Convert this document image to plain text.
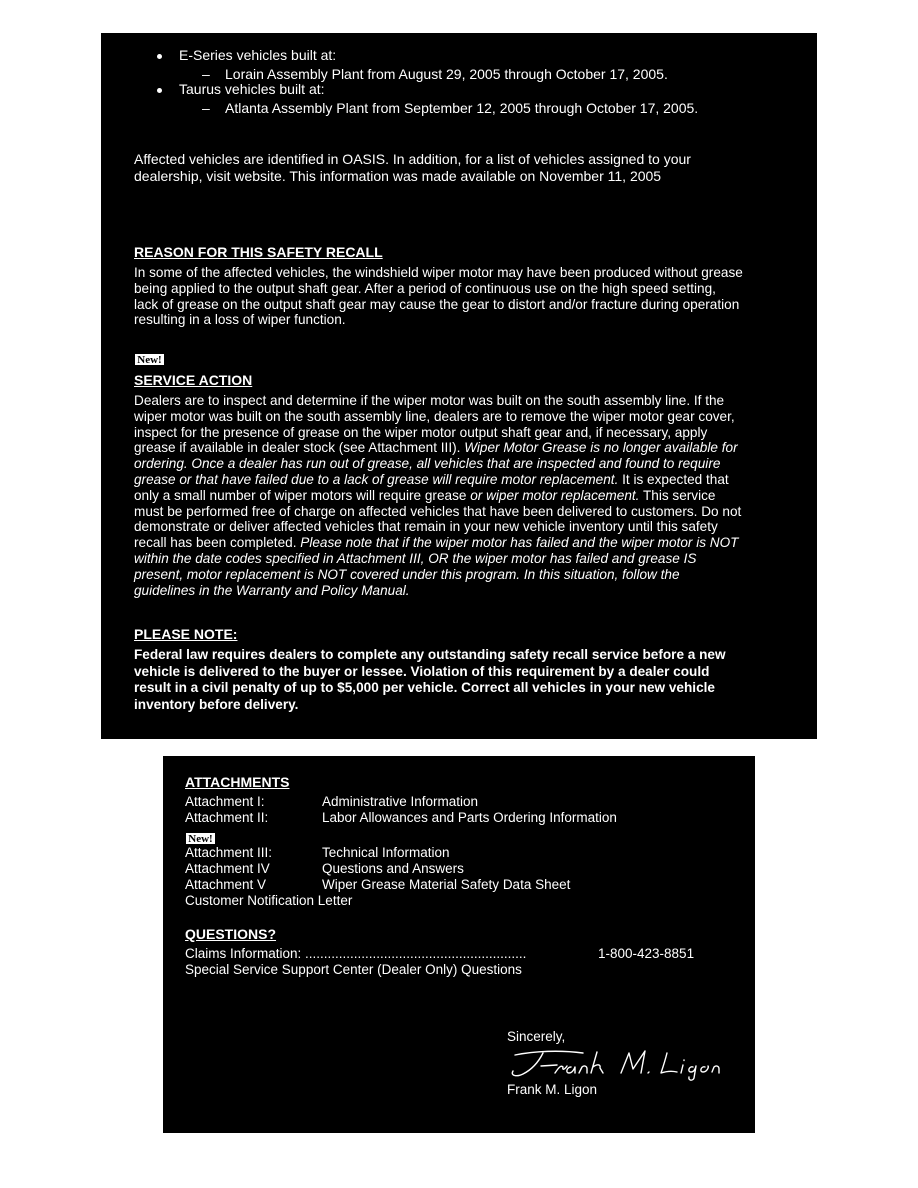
E-Series vehicles built at:
– Lorain Assembly Plant from August 29, 2005 through October 17, 2005.
Taurus vehicles built at:
– Atlanta Assembly Plant from September 12, 2005 through October 17, 2005.
Affected vehicles are identified in OASIS. In addition, for a list of vehicles assigned to your
dealership, visit website. This information was made available on November 11, 2005
REASON FOR THIS SAFETY RECALL
In some of the affected vehicles, the windshield wiper motor may have been produced without grease
being applied to the output shaft gear. After a period of continuous use on the high speed setting,
lack of grease on the output shaft gear may cause the gear to distort and/or fracture during operation
resulting in a loss of wiper function.
New!
SERVICE ACTION
Dealers are to inspect and determine if the wiper motor was built on the south assembly line. If the
wiper motor was built on the south assembly line, dealers are to remove the wiper motor gear cover,
inspect for the presence of grease on the wiper motor output shaft gear and, if necessary, apply
grease if available in dealer stock (see Attachment III). Wiper Motor Grease is no longer available for
ordering. Once a dealer has run out of grease, all vehicles that are inspected and found to require
grease or that have failed due to a lack of grease will require motor replacement. It is expected that
only a small number of wiper motors will require grease or wiper motor replacement. This service
must be performed free of charge on affected vehicles that have been delivered to customers. Do not
demonstrate or deliver affected vehicles that remain in your new vehicle inventory until this safety
recall has been completed. Please note that if the wiper motor has failed and the wiper motor is NOT
within the date codes specified in Attachment III, OR the wiper motor has failed and grease IS
present, motor replacement is NOT covered under this program. In this situation, follow the
guidelines in the Warranty and Policy Manual.
PLEASE NOTE:
Federal law requires dealers to complete any outstanding safety recall service before a new
vehicle is delivered to the buyer or lessee. Violation of this requirement by a dealer could
result in a civil penalty of up to $5,000 per vehicle. Correct all vehicles in your new vehicle
inventory before delivery.
ATTACHMENTS
Attachment I:	Administrative Information
Attachment II:	Labor Allowances and Parts Ordering Information
New!
Attachment III:	Technical Information
Attachment IV	Questions and Answers
Attachment V	Wiper Grease Material Safety Data Sheet
Customer Notification Letter
QUESTIONS?
Claims Information: ...........................................................	1-800-423-8851
Special Service Support Center (Dealer Only) Questions
Sincerely,
Frank M. Ligon
